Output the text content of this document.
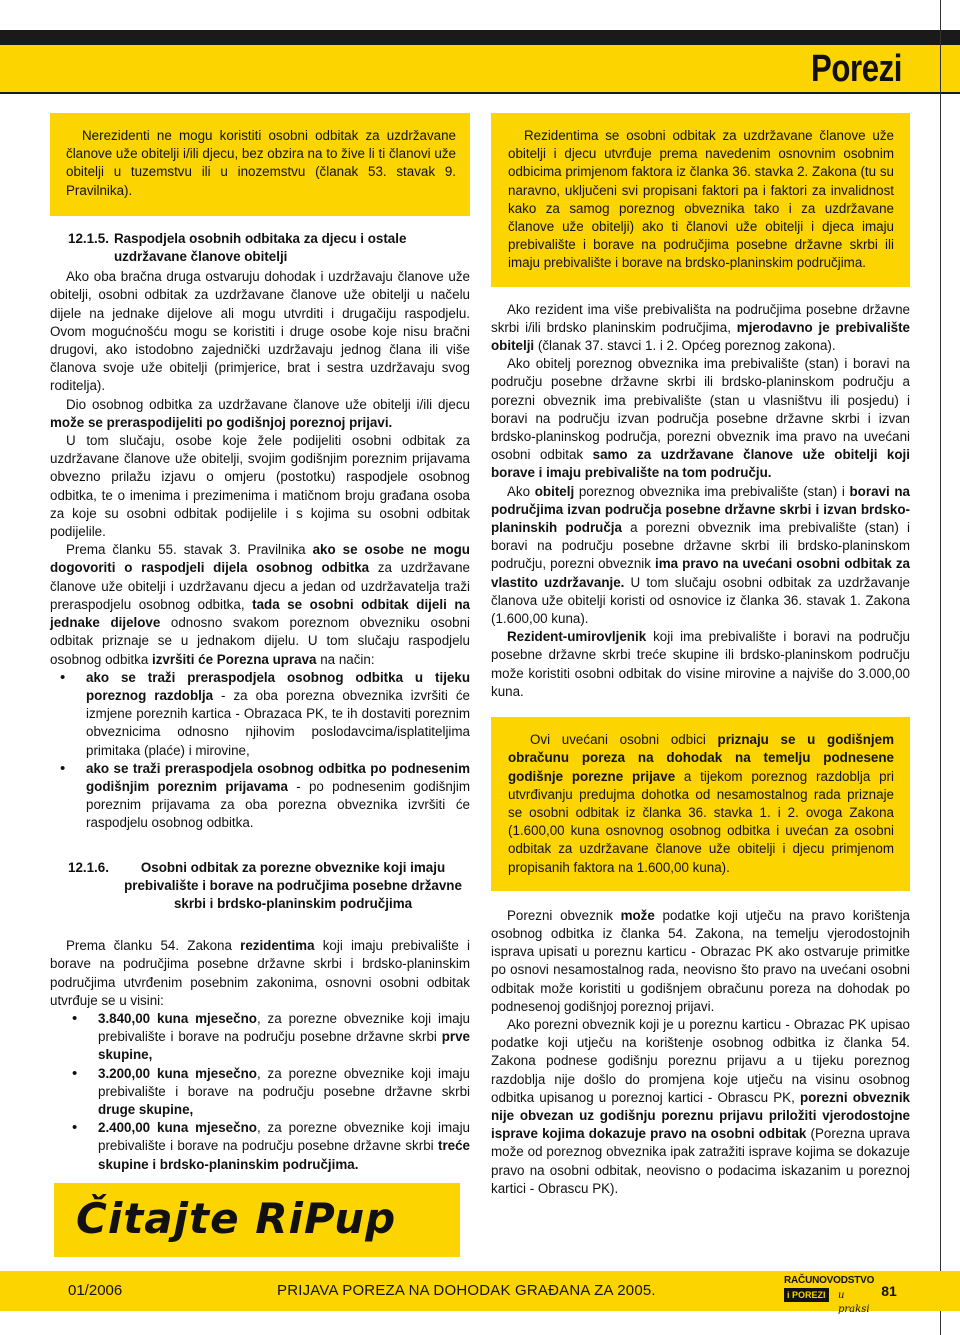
Porezi

Nerezidenti ne mogu koristiti osobni odbitak za uzdržavane članove uže obitelji i/ili djecu, bez obzira na to žive li ti članovi uže obitelji u tuzemstvu ili u inozemstvu (članak 53. stavak 9. Pravilnika).

12.1.5. Raspodjela osobnih odbitaka za djecu i ostale uzdržavane članove obitelji

Ako oba bračna druga ostvaruju dohodak i uzdržavaju članove uže obitelji, osobni odbitak za uzdržavane članove uže obitelji u načelu dijele na jednake dijelove ali mogu utvrditi i drugačiju raspodjelu. Ovom mogućnošću mogu se koristiti i druge osobe koje nisu bračni drugovi, ako istodobno zajednički uzdržavaju jednog člana ili više članova svoje uže obitelji (primjerice, brat i sestra uzdržavaju svog roditelja).

Dio osobnog odbitka za uzdržavane članove uže obitelji i/ili djecu može se preraspodijeliti po godišnjoj poreznoj prijavi.

U tom slučaju, osobe koje žele podijeliti osobni odbitak za uzdržavane članove uže obitelji, svojim godišnjim poreznim prijavama obvezno prilažu izjavu o omjeru (postotku) raspodjele osobnog odbitka, te o imenima i prezimenima i matičnom broju građana osoba za koje su osobni odbitak podijelile i s kojima su osobni odbitak podijelile.

Prema članku 55. stavak 3. Pravilnika ako se osobe ne mogu dogovoriti o raspodjeli dijela osobnog odbitka za uzdržavane članove uže obitelji i uzdržavanu djecu a jedan od uzdržavatelja traži preraspodjelu osobnog odbitka, tada se osobni odbitak dijeli na jednake dijelove odnosno svakom poreznom obvezniku osobni odbitak priznaje se u jednakom dijelu. U tom slučaju raspodjelu osobnog odbitka izvršiti će Porezna uprava na način:

• ako se traži preraspodjela osobnog odbitka u tijeku poreznog razdoblja - za oba porezna obveznika izvršiti će izmjene poreznih kartica - Obrazaca PK, te ih dostaviti poreznim obveznicima odnosno njihovim poslodavcima/isplatiteljima primitaka (plaće) i mirovine,
• ako se traži preraspodjela osobnog odbitka po podnesenim godišnjim poreznim prijavama - po podnesenim godišnjim poreznim prijavama za oba porezna obveznika izvršiti će raspodjelu osobnog odbitka.
12.1.6.	Osobni odbitak za porezne obveznike koji imaju prebivalište i borave na područjima posebne državne skrbi i brdsko-planinskim područjima

Prema članku 54. Zakona rezidentima koji imaju prebivalište i borave na područjima posebne državne skrbi i brdsko-planinskim područjima utvrđenim posebnim zakonima, osnovni osobni odbitak utvrđuje se u visini:

• 3.840,00 kuna mjesečno, za porezne obveznike koji imaju prebivalište i borave na području posebne državne skrbi prve skupine,
• 3.200,00 kuna mjesečno, za porezne obveznike koji imaju prebivalište i borave na području posebne državne skrbi druge skupine,
• 2.400,00 kuna mjesečno, za porezne obveznike koji imaju prebivalište i borave na području posebne državne skrbi treće skupine i brdsko-planinskim područjima.
Čitajte RiPup

Rezidentima se osobni odbitak za uzdržavane članove uže obitelji i djecu utvrđuje prema navedenim osnovnim osobnim odbicima primjenom faktora iz članka 36. stavka 2. Zakona (tu su naravno, uključeni svi propisani faktori pa i faktori za invalidnost kako za samog poreznog obveznika tako i za uzdržavane članove uže obitelji) ako ti članovi uže obitelji i djeca imaju prebivalište i borave na područjima posebne državne skrbi ili imaju prebivalište i borave na brdsko-planinskim područjima.

Ako rezident ima više prebivališta na područjima posebne državne skrbi i/ili brdsko planinskim područjima, mjerodavno je prebivalište obitelji (članak 37. stavci 1. i 2. Općeg poreznog zakona).

Ako obitelj poreznog obveznika ima prebivalište (stan) i boravi na području posebne državne skrbi ili brdsko-planinskom području a porezni obveznik ima prebivalište (stan u vlasništvu ili posjedu) i boravi na području izvan područja posebne državne skrbi i izvan brdsko-planinskog područja, porezni obveznik ima pravo na uvećani osobni odbitak samo za uzdržavane članove uže obitelji koji borave i imaju prebivalište na tom području.

Ako obitelj poreznog obveznika ima prebivalište (stan) i boravi na područjima izvan područja posebne državne skrbi i izvan brdsko-planinskih područja a porezni obveznik ima prebivalište (stan) i boravi na području posebne državne skrbi ili brdsko-planinskom području, porezni obveznik ima pravo na uvećani osobni odbitak za vlastito uzdržavanje. U tom slučaju osobni odbitak za uzdržavanje članova uže obitelji koristi od osnovice iz članka 36. stavak 1. Zakona (1.600,00 kuna).

Rezident-umirovljenik koji ima prebivalište i boravi na području posebne državne skrbi treće skupine ili brdsko-planinskom području može koristiti osobni odbitak do visine mirovine a najviše do 3.000,00 kuna.

Ovi uvećani osobni odbici priznaju se u godišnjem obračunu poreza na dohodak na temelju podnesene godišnje porezne prijave a tijekom poreznog razdoblja pri utvrđivanju predujma dohotka od nesamostalnog rada priznaje se osobni odbitak iz članka 36. stavka 1. i 2. ovoga Zakona (1.600,00 kuna osnovnog osobnog odbitka i uvećan za osobni odbitak za uzdržavane članove uže obitelji i djecu primjenom propisanih faktora na 1.600,00 kuna).

Porezni obveznik može podatke koji utječu na pravo korištenja osobnog odbitka iz članka 54. Zakona, na temelju vjerodostojnih isprava upisati u poreznu karticu - Obrazac PK ako ostvaruje primitke po osnovi nesamostalnog rada, neovisno što pravo na uvećani osobni odbitak može koristiti u godišnjem obračunu poreza na dohodak po podnesenoj godišnjoj poreznoj prijavi.

Ako porezni obveznik koji je u poreznu karticu - Obrazac PK upisao podatke koji utječu na korištenje osobnog odbitka iz članka 54. Zakona podnese godišnju poreznu prijavu a u tijeku poreznog razdoblja nije došlo do promjena koje utječu na visinu osobnog odbitka upisanog u poreznoj kartici - Obrascu PK, porezni obveznik nije obvezan uz godišnju poreznu prijavu priložiti vjerodostojne isprave kojima dokazuje pravo na osobni odbitak (Porezna uprava može od poreznog obveznika ipak zatražiti isprave kojima se dokazuje pravo na osobni odbitak, neovisno o podacima iskazanim u poreznoj kartici - Obrascu PK).

01/2006	PRIJAVA POREZA NA DOHODAK GRAĐANA ZA 2005.
RAČUNOVODSTVO
i POREZI	u praksi
81
